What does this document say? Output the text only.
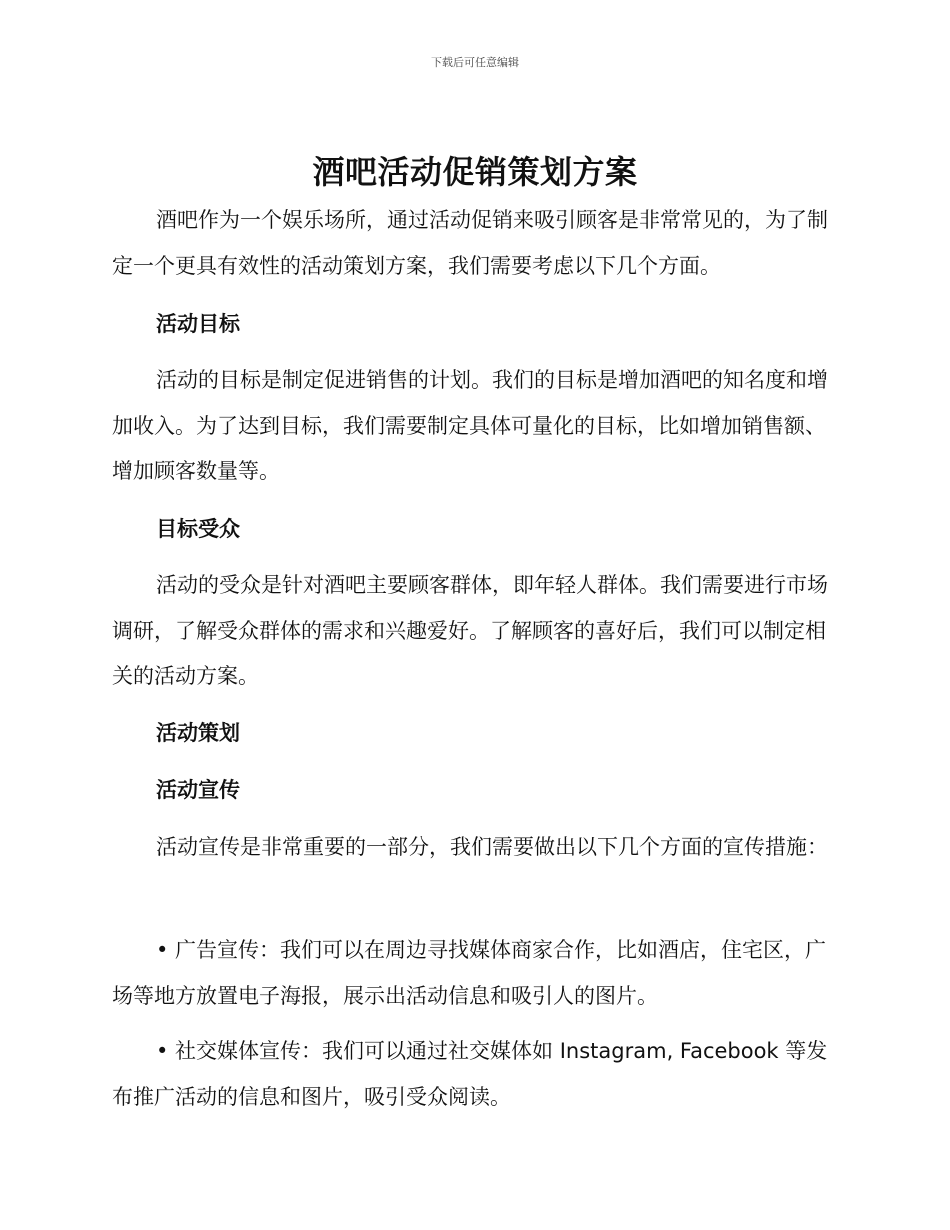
下载后可任意编辑
酒吧活动促销策划方案

酒吧作为一个娱乐场所，通过活动促销来吸引顾客是非常常见的，为了制定一个更具有效性的活动策划方案，我们需要考虑以下几个方面。

活动目标

活动的目标是制定促进销售的计划。我们的目标是增加酒吧的知名度和增加收入。为了达到目标，我们需要制定具体可量化的目标，比如增加销售额、增加顾客数量等。

目标受众

活动的受众是针对酒吧主要顾客群体，即年轻人群体。我们需要进行市场调研，了解受众群体的需求和兴趣爱好。了解顾客的喜好后，我们可以制定相关的活动方案。

活动策划
活动宣传

活动宣传是非常重要的一部分，我们需要做出以下几个方面的宣传措施：

• 广告宣传：我们可以在周边寻找媒体商家合作，比如酒店，住宅区，广场等地方放置电子海报，展示出活动信息和吸引人的图片。

• 社交媒体宣传：我们可以通过社交媒体如 Instagram, Facebook 等发布推广活动的信息和图片，吸引受众阅读。
